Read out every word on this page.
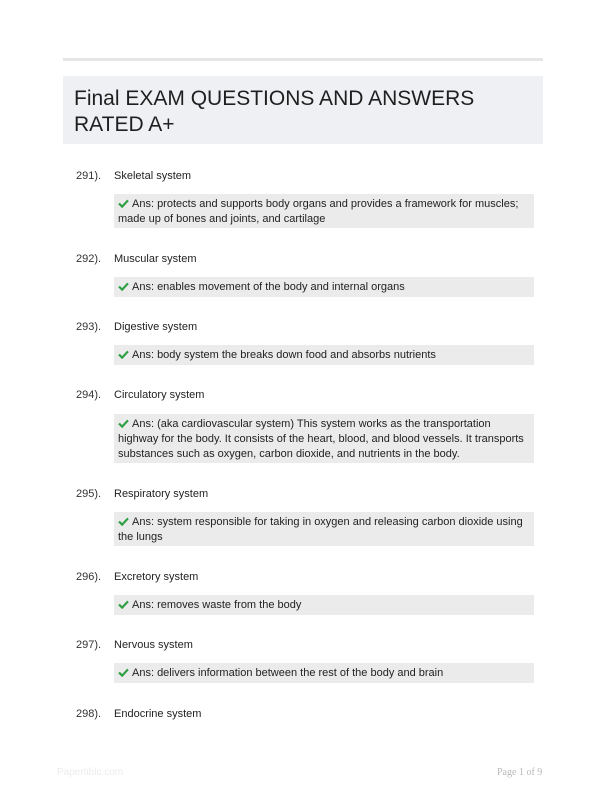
Final EXAM QUESTIONS AND ANSWERS RATED A+
291). Skeletal system
Ans: protects and supports body organs and provides a framework for muscles; made up of bones and joints, and cartilage
292). Muscular system
Ans: enables movement of the body and internal organs
293). Digestive system
Ans: body system the breaks down food and absorbs nutrients
294). Circulatory system
Ans: (aka cardiovascular system) This system works as the transportation highway for the body. It consists of the heart, blood, and blood vessels. It transports substances such as oxygen, carbon dioxide, and nutrients in the body.
295). Respiratory system
Ans: system responsible for taking in oxygen and releasing carbon dioxide using the lungs
296). Excretory system
Ans: removes waste from the body
297). Nervous system
Ans: delivers information between the rest of the body and brain
298). Endocrine system
Papertiblc.com	Page 1 of 9
